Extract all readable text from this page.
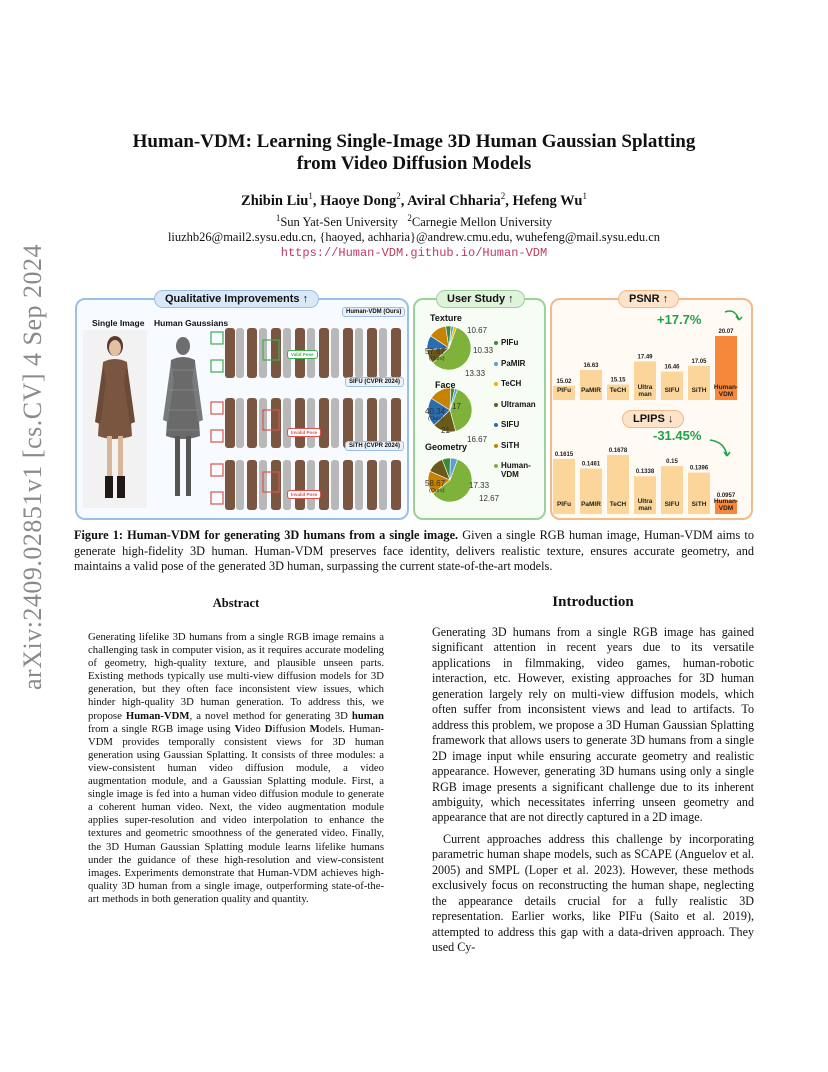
arXiv:2409.02851v1 [cs.CV] 4 Sep 2024
Human-VDM: Learning Single-Image 3D Human Gaussian Splatting
from Video Diffusion Models
Zhibin Liu$^1$, Haoye Dong$^2$, Aviral Chharia$^2$, Hefeng Wu$^1$
$^1$Sun Yat-Sen University $^2$Carnegie Mellon University
liuzhb26@mail2.sysu.edu.cn, {haoyed, achharia}@andrew.cmu.edu, wuhefeng@mail.sysu.edu.cn
https://Human-VDM.github.io/Human-VDM
15.02
PIFu
16.63
PaMIR
15.15
TeCH
17.49
Ultra
man
16.46
SIFU
17.05
SiTH
20.07
Human-
VDM
0.1615
PIFu
0.1461
PaMIR
0.1678
TeCH
0.1338
Ultra
man
0.15
SIFU
0.1396
SiTH
0.0957
Human-
VDM
Qualitative Improvements ↑
Single Image Human Gaussians
Human-VDM (Ours)
SIFU (CVPR 2024)
SiTH (CVPR 2024)
Valid Pose
Invalid Pose
Invalid Pose
User Study ↑
Texture
Face
Geometry
57.67
(Ours)
10.67
10.33
13.33
40.34
(Ours)
17
21
16.67
58.67
(Ours)
17.33
12.67
PIFu
PaMIR
TeCH
Ultraman
SIFU
SiTH
Human-VDM
PSNR ↑
+17.7%
LPIPS ↓
-31.45%
Figure 1: Human-VDM for generating 3D humans from a single image. Given a single RGB human image, Human-VDM aims to generate high-fidelity 3D human. Human-VDM preserves face identity, delivers realistic texture, ensures accurate geometry, and maintains a valid pose of the generated 3D human, surpassing the current state-of-the-art models.
Abstract
Generating lifelike 3D humans from a single RGB image remains a challenging task in computer vision, as it requires accurate modeling of geometry, high-quality texture, and plausible unseen parts. Existing methods typically use multi-view diffusion models for 3D generation, but they often face inconsistent view issues, which hinder high-quality 3D human generation. To address this, we propose Human-VDM, a novel method for generating 3D human from a single RGB image using Video Diffusion Models. Human-VDM provides temporally consistent views for 3D human generation using Gaussian Splatting. It consists of three modules: a view-consistent human video diffusion module, a video augmentation module, and a Gaussian Splatting module. First, a single image is fed into a human video diffusion module to generate a coherent human video. Next, the video augmentation module applies super-resolution and video interpolation to enhance the textures and geometric smoothness of the generated video. Finally, the 3D Human Gaussian Splatting module learns lifelike humans under the guidance of these high-resolution and view-consistent images. Experiments demonstrate that Human-VDM achieves high-quality 3D human from a single image, outperforming state-of-the-art methods in both generation quality and quantity.
Introduction

Generating 3D humans from a single RGB image has gained significant attention in recent years due to its versatile applications in filmmaking, video games, human-robotic interaction, etc. However, existing approaches for 3D human generation largely rely on multi-view diffusion models, which often suffer from inconsistent views and lead to artifacts. To address this problem, we propose a 3D Human Gaussian Splatting framework that allows users to generate 3D humans from a single 2D image input while ensuring accurate geometry and realistic appearance. However, generating 3D humans using only a single RGB image presents a significant challenge due to its inherent ambiguity, which necessitates inferring unseen geometry and appearance that are not directly captured in a 2D image.

Current approaches address this challenge by incorporating parametric human shape models, such as SCAPE (Anguelov et al. 2005) and SMPL (Loper et al. 2023). However, these methods exclusively focus on reconstructing the human shape, neglecting the appearance details crucial for a fully realistic 3D representation. Earlier works, like PIFu (Saito et al. 2019), attempted to address this gap with a data-driven approach. They used Cy-
